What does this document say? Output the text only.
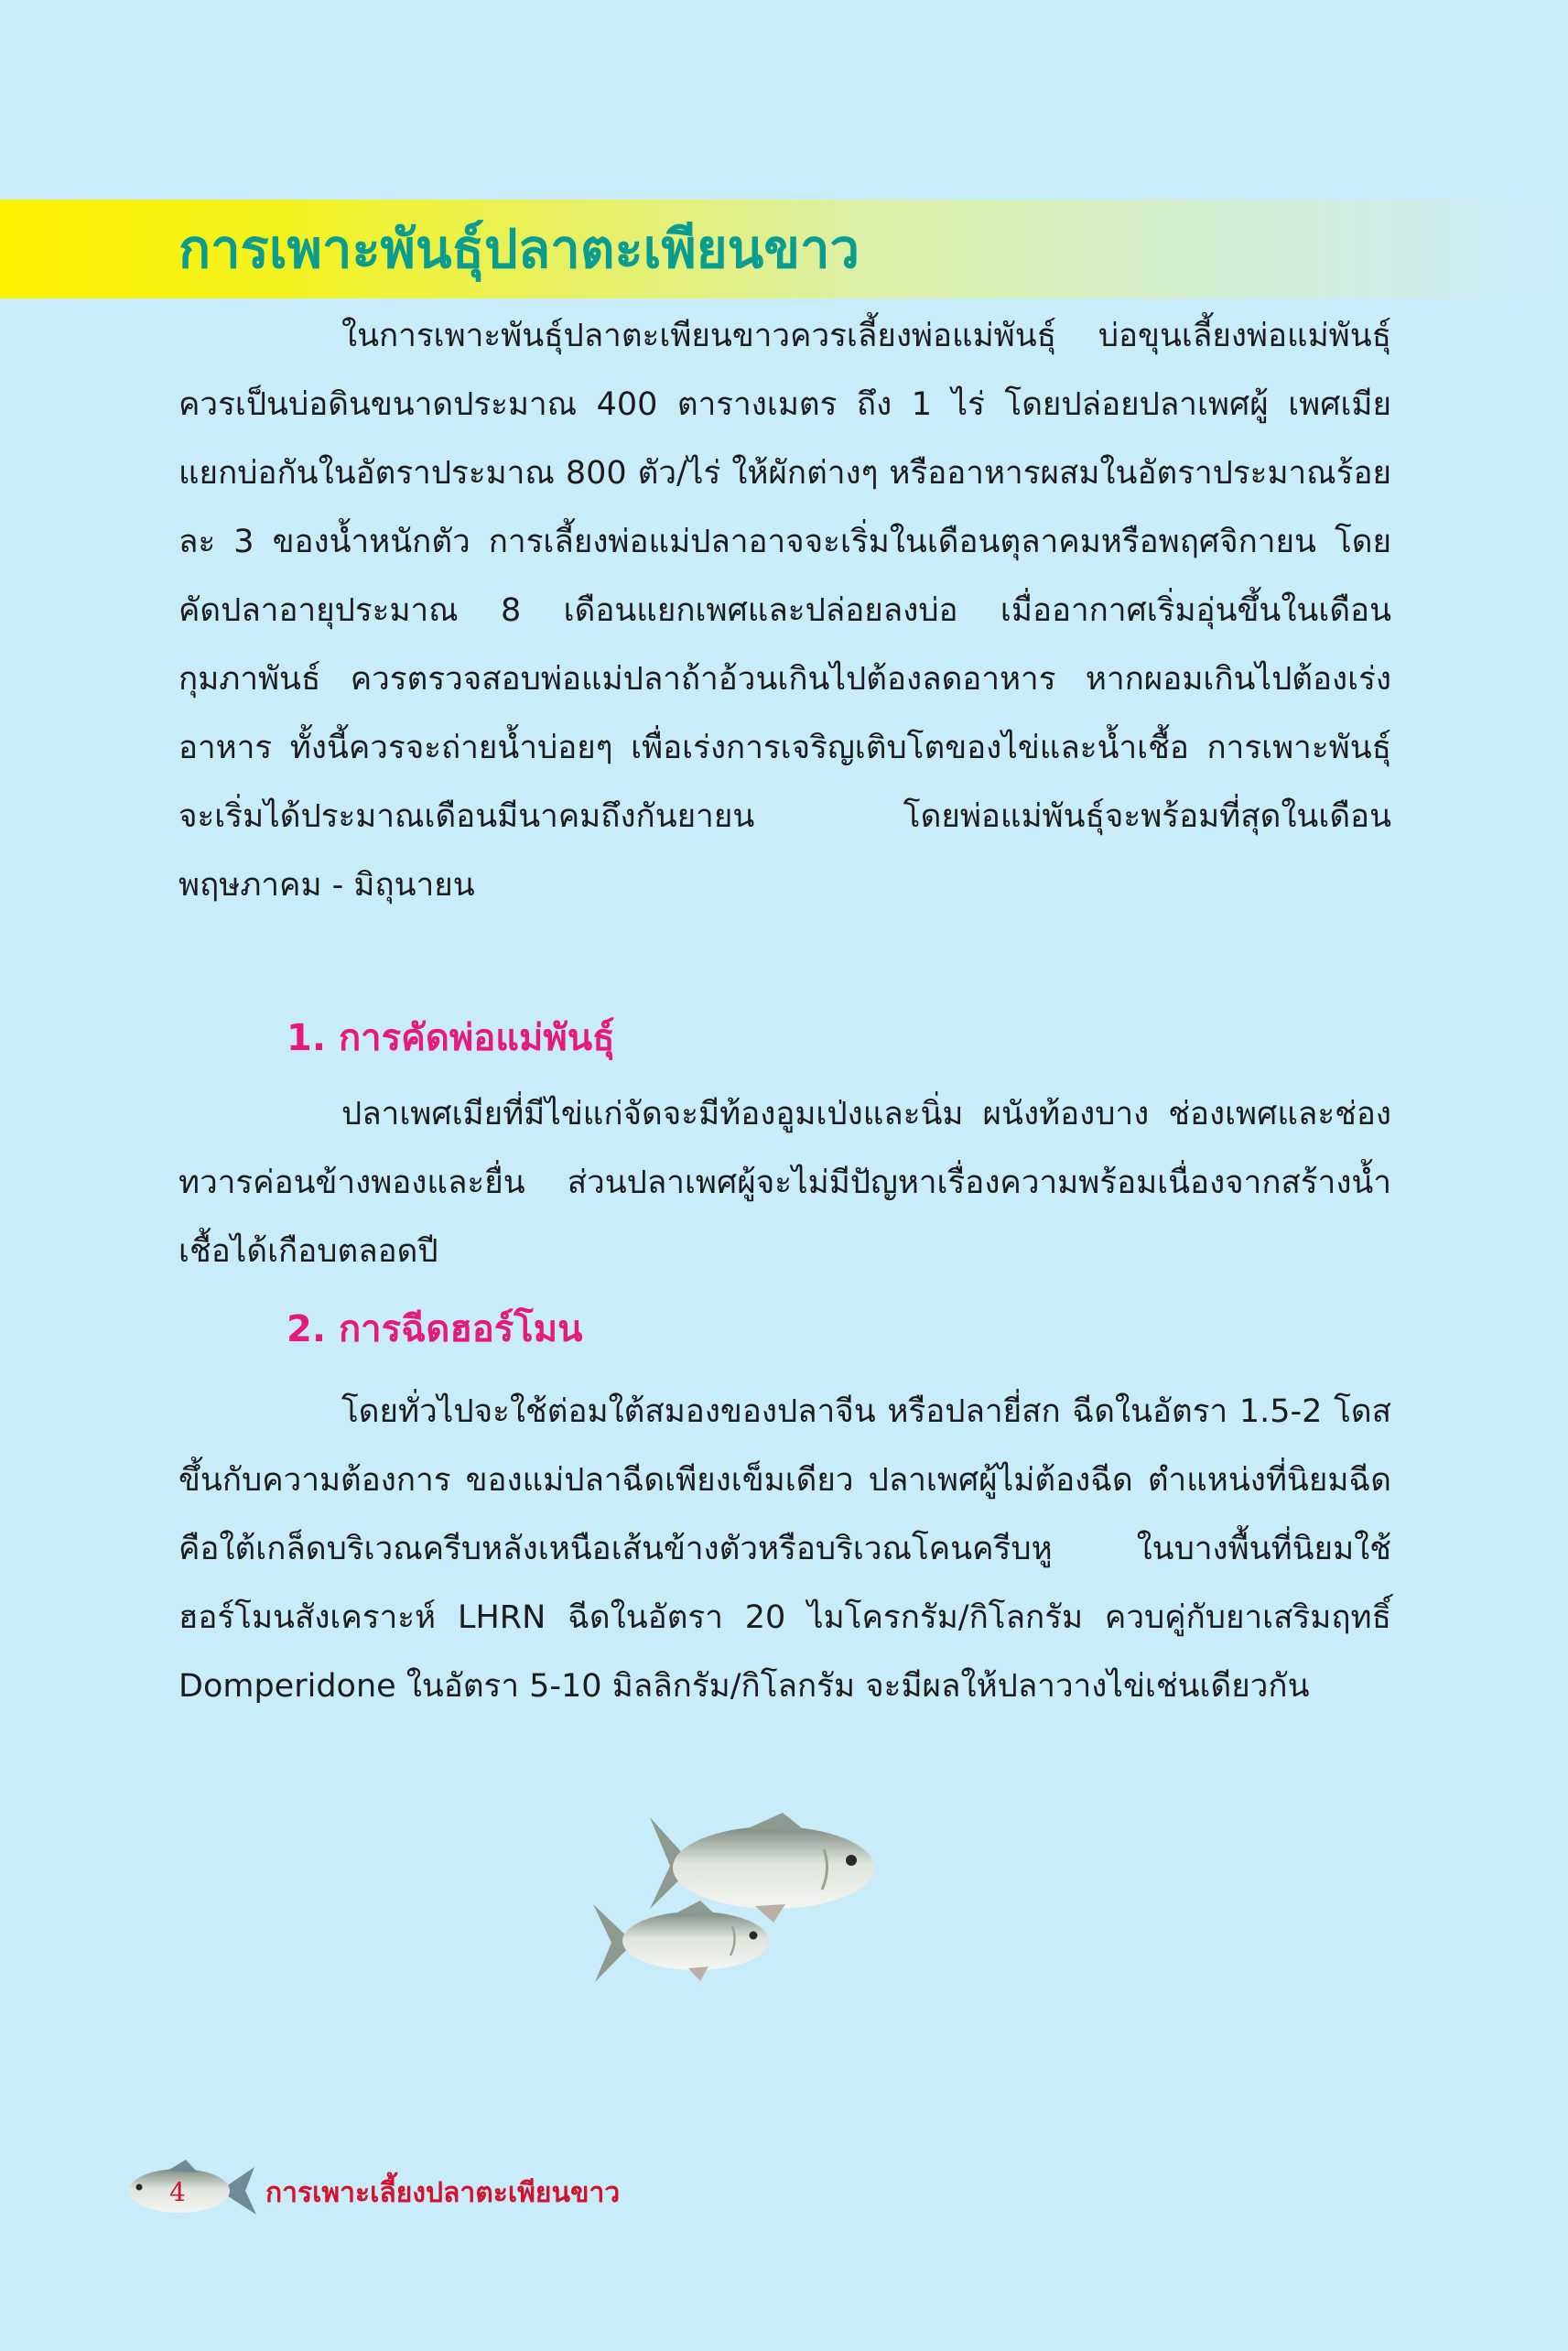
การเพาะพันธุ์ปลาตะเพียนขาว

ในการเพาะพันธุ์ปลาตะเพียนขาวควรเลี้ยงพ่อแม่พันธุ์ บ่อขุนเลี้ยงพ่อแม่พันธุ์ควรเป็นบ่อดินขนาดประมาณ 400 ตารางเมตร ถึง 1 ไร่ โดยปล่อยปลาเพศผู้ เพศเมีย แยกบ่อกันในอัตราประมาณ 800 ตัว/ไร่ ให้ผักต่างๆ หรืออาหารผสมในอัตราประมาณร้อยละ 3 ของน้ำหนักตัว การเลี้ยงพ่อแม่ปลาอาจจะเริ่มในเดือนตุลาคมหรือพฤศจิกายน โดยคัดปลาอายุประมาณ 8 เดือนแยกเพศและปล่อยลงบ่อ เมื่ออากาศเริ่มอุ่นขึ้นในเดือนกุมภาพันธ์ ควรตรวจสอบพ่อแม่ปลาถ้าอ้วนเกินไปต้องลดอาหาร หากผอมเกินไปต้องเร่งอาหาร ทั้งนี้ควรจะถ่ายน้ำบ่อยๆ เพื่อเร่งการเจริญเติบโตของไข่และน้ำเชื้อ การเพาะพันธุ์จะเริ่มได้ประมาณเดือนมีนาคมถึงกันยายน โดยพ่อแม่พันธุ์จะพร้อมที่สุดในเดือนพฤษภาคม - มิถุนายน

1. การคัดพ่อแม่พันธุ์

ปลาเพศเมียที่มีไข่แก่จัดจะมีท้องอูมเป่งและนิ่ม ผนังท้องบาง ช่องเพศและช่องทวารค่อนข้างพองและยื่น ส่วนปลาเพศผู้จะไม่มีปัญหาเรื่องความพร้อมเนื่องจากสร้างน้ำเชื้อได้เกือบตลอดปี

2. การฉีดฮอร์โมน

โดยทั่วไปจะใช้ต่อมใต้สมองของปลาจีน หรือปลายี่สก ฉีดในอัตรา 1.5-2 โดส ขึ้นกับความต้องการ ของแม่ปลาฉีดเพียงเข็มเดียว ปลาเพศผู้ไม่ต้องฉีด ตำแหน่งที่นิยมฉีดคือใต้เกล็ดบริเวณครีบหลังเหนือเส้นข้างตัวหรือบริเวณโคนครีบหู ในบางพื้นที่นิยมใช้ฮอร์โมนสังเคราะห์ LHRN ฉีดในอัตรา 20 ไมโครกรัม/กิโลกรัม ควบคู่กับยาเสริมฤทธิ์ Domperidone ในอัตรา 5-10 มิลลิกรัม/กิโลกรัม จะมีผลให้ปลาวางไข่เช่นเดียวกัน

4	การเพาะเลี้ยงปลาตะเพียนขาว
